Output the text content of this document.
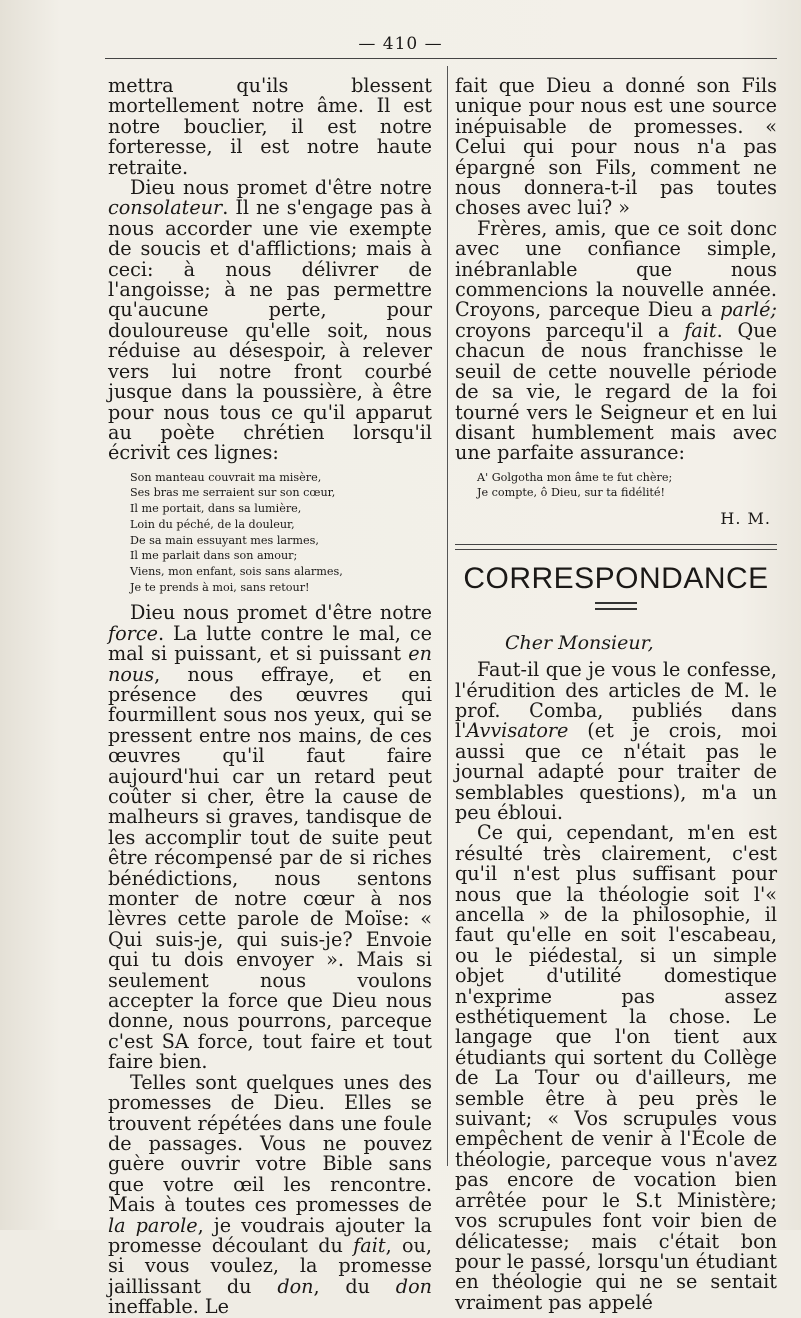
— 410 —

mettra qu'ils blessent mortellement notre âme. Il est notre bouclier, il est notre forteresse, il est notre haute retraite.

Dieu nous promet d'être notre consolateur. Il ne s'engage pas à nous accorder une vie exempte de soucis et d'afflictions; mais à ceci: à nous délivrer de l'angoisse; à ne pas permettre qu'aucune perte, pour douloureuse qu'elle soit, nous réduise au désespoir, à relever vers lui notre front courbé jusque dans la poussière, à être pour nous tous ce qu'il apparut au poète chrétien lorsqu'il écrivit ces lignes:

Son manteau couvrait ma misère,
Ses bras me serraient sur son cœur,
Il me portait, dans sa lumière,
Loin du péché, de la douleur,
De sa main essuyant mes larmes,
Il me parlait dans son amour;
Viens, mon enfant, sois sans alarmes,
Je te prends à moi, sans retour!

Dieu nous promet d'être notre force. La lutte contre le mal, ce mal si puissant, et si puissant en nous, nous effraye, et en présence des œuvres qui fourmillent sous nos yeux, qui se pressent entre nos mains, de ces œuvres qu'il faut faire aujourd'hui car un retard peut coûter si cher, être la cause de malheurs si graves, tandisque de les accomplir tout de suite peut être récompensé par de si riches bénédictions, nous sentons monter de notre cœur à nos lèvres cette parole de Moïse: « Qui suis-je, qui suis-je? Envoie qui tu dois envoyer ». Mais si seulement nous voulons accepter la force que Dieu nous donne, nous pourrons, parceque c'est SA force, tout faire et tout faire bien.

Telles sont quelques unes des promesses de Dieu. Elles se trouvent répétées dans une foule de passages. Vous ne pouvez guère ouvrir votre Bible sans que votre œil les rencontre. Mais à toutes ces promesses de la parole, je voudrais ajouter la promesse découlant du fait, ou, si vous voulez, la promesse jaillissant du don, du don ineffable. Le

fait que Dieu a donné son Fils unique pour nous est une source inépuisable de promesses. « Celui qui pour nous n'a pas épargné son Fils, comment ne nous donnera-t-il pas toutes choses avec lui? »

Frères, amis, que ce soit donc avec une confiance simple, inébranlable que nous commencions la nouvelle année. Croyons, parceque Dieu a parlé; croyons parcequ'il a fait. Que chacun de nous franchisse le seuil de cette nouvelle période de sa vie, le regard de la foi tourné vers le Seigneur et en lui disant humblement mais avec une parfaite assurance:

A' Golgotha mon âme te fut chère;
Je compte, ô Dieu, sur ta fidélité!
H. M.
CORRESPONDANCE
Cher Monsieur,

Faut-il que je vous le confesse, l'érudition des articles de M. le prof. Comba, publiés dans l'Avvisatore (et je crois, moi aussi que ce n'était pas le journal adapté pour traiter de semblables questions), m'a un peu ébloui.

Ce qui, cependant, m'en est résulté très clairement, c'est qu'il n'est plus suffisant pour nous que la théologie soit l'« ancella » de la philosophie, il faut qu'elle en soit l'escabeau, ou le piédestal, si un simple objet d'utilité domestique n'exprime pas assez esthétiquement la chose. Le langage que l'on tient aux étudiants qui sortent du Collège de La Tour ou d'ailleurs, me semble être à peu près le suivant; « Vos scrupules vous empêchent de venir à l'École de théologie, parceque vous n'avez pas encore de vocation bien arrêtée pour le S.t Ministère; vos scrupules font voir bien de délicatesse; mais c'était bon pour le passé, lorsqu'un étudiant en théologie qui ne se sentait vraiment pas appelé
